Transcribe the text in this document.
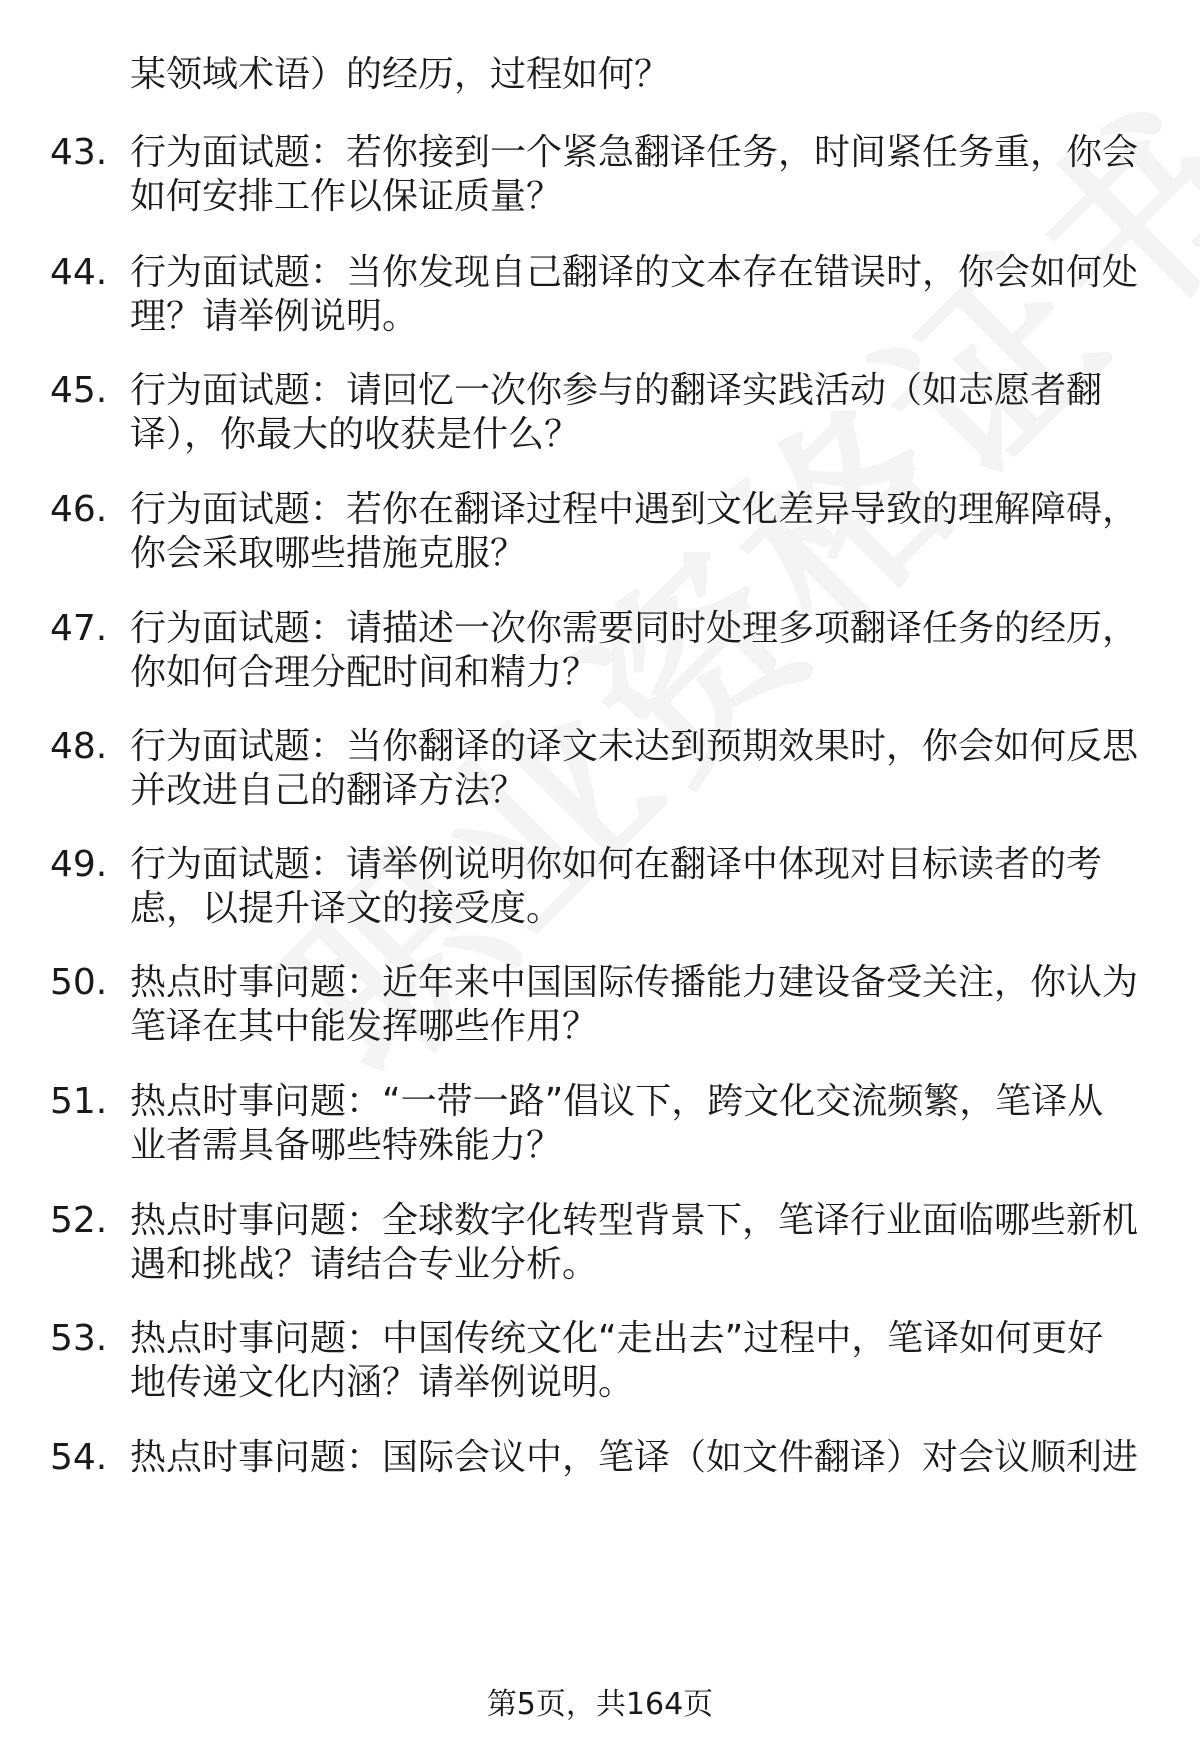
某领域术语）的经历，过程如何？
43. 行为面试题：若你接到一个紧急翻译任务，时间紧任务重，你会
如何安排工作以保证质量？
44. 行为面试题：当你发现自己翻译的文本存在错误时，你会如何处
理？请举例说明。
45. 行为面试题：请回忆一次你参与的翻译实践活动（如志愿者翻
译），你最大的收获是什么？
46. 行为面试题：若你在翻译过程中遇到文化差异导致的理解障碍，
你会采取哪些措施克服？
47. 行为面试题：请描述一次你需要同时处理多项翻译任务的经历，
你如何合理分配时间和精力？
48. 行为面试题：当你翻译的译文未达到预期效果时，你会如何反思
并改进自己的翻译方法？
49. 行为面试题：请举例说明你如何在翻译中体现对目标读者的考
虑，以提升译文的接受度。
50. 热点时事问题：近年来中国国际传播能力建设备受关注，你认为
笔译在其中能发挥哪些作用？
51. 热点时事问题：“一带一路”倡议下，跨文化交流频繁，笔译从
业者需具备哪些特殊能力？
52. 热点时事问题：全球数字化转型背景下，笔译行业面临哪些新机
遇和挑战？请结合专业分析。
53. 热点时事问题：中国传统文化“走出去”过程中，笔译如何更好
地传递文化内涵？请举例说明。
54. 热点时事问题：国际会议中，笔译（如文件翻译）对会议顺利进
第5页，共164页
